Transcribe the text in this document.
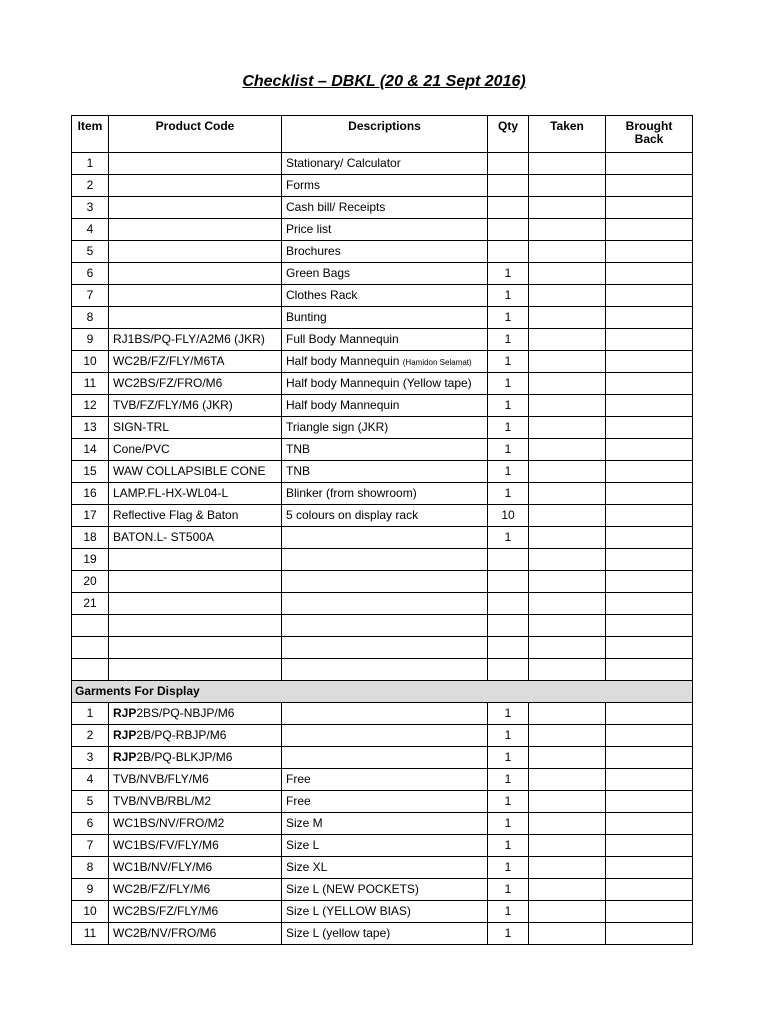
Checklist – DBKL (20 & 21 Sept 2016)
Item	Product Code	Descriptions	Qty	Taken	Brought Back
1		Stationary/ Calculator			
2		Forms			
3		Cash bill/ Receipts			
4		Price list			
5		Brochures			
6		Green Bags	1		
7		Clothes Rack	1		
8		Bunting	1		
9	RJ1BS/PQ-FLY/A2M6 (JKR)	Full Body Mannequin	1		
10	WC2B/FZ/FLY/M6TA	Half body Mannequin (Hamidon Selamat)	1		
11	WC2BS/FZ/FRO/M6	Half body Mannequin (Yellow tape)	1		
12	TVB/FZ/FLY/M6 (JKR)	Half body Mannequin	1		
13	SIGN-TRL	Triangle sign (JKR)	1		
14	Cone/PVC	TNB	1		
15	WAW COLLAPSIBLE CONE	TNB	1		
16	LAMP.FL-HX-WL04-L	Blinker (from showroom)	1		
17	Reflective Flag & Baton	5 colours on display rack	10		
18	BATON.L- ST500A		1		
19					
20					
21					

Garments For Display					
1	RJP2BS/PQ-NBJP/M6		1		
2	RJP2B/PQ-RBJP/M6		1		
3	RJP2B/PQ-BLKJP/M6		1		
4	TVB/NVB/FLY/M6	Free	1		
5	TVB/NVB/RBL/M2	Free	1		
6	WC1BS/NV/FRO/M2	Size M	1		
7	WC1BS/FV/FLY/M6	Size L	1		
8	WC1B/NV/FLY/M6	Size XL	1		
9	WC2B/FZ/FLY/M6	Size L (NEW POCKETS)	1		
10	WC2BS/FZ/FLY/M6	Size L (YELLOW BIAS)	1		
11	WC2B/NV/FRO/M6	Size L (yellow tape)	1		
